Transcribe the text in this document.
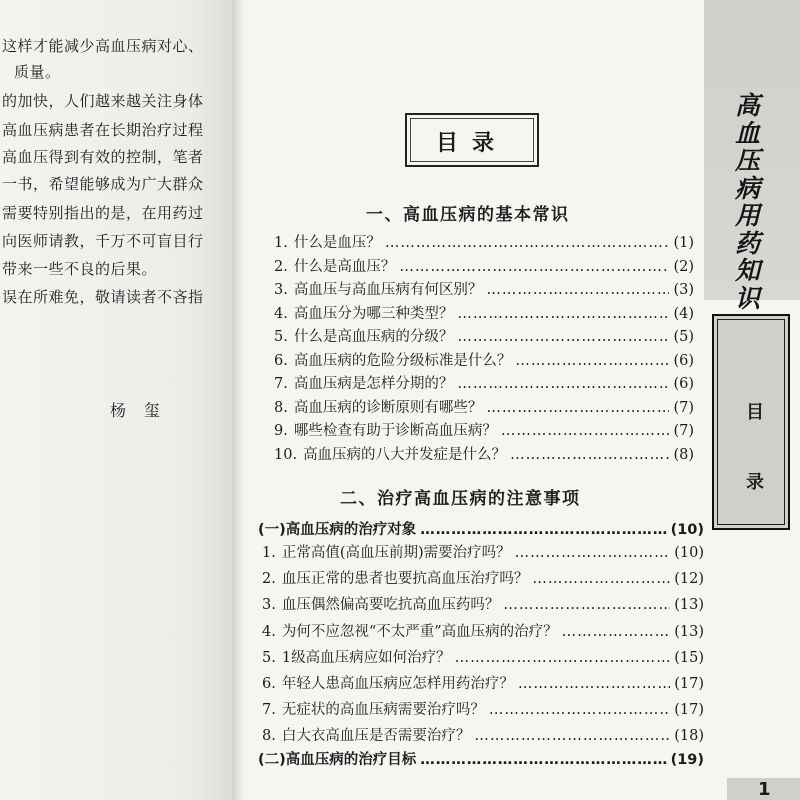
这样才能减少高血压病对心、
质量。
的加快，人们越来越关注身体
高血压病患者在长期治疗过程
高血压得到有效的控制，笔者
一书，希望能够成为广大群众
需要特别指出的是，在用药过
向医师请教，千万不可盲目行
带来一些不良的后果。
误在所难免，敬请读者不吝指
杨玺
目录
一、高血压病的基本常识
1. 什么是血压？ ……………………………………………………………………………………………………………………	(1)
2. 什么是高血压？ ……………………………………………………………………………………………………………………	(2)
3. 高血压与高血压病有何区别？ ……………………………………………………………………………………………………………………	(3)
4. 高血压分为哪三种类型？ ……………………………………………………………………………………………………………………	(4)
5. 什么是高血压病的分级？ ……………………………………………………………………………………………………………………	(5)
6. 高血压病的危险分级标准是什么？ ……………………………………………………………………………………………………………………	(6)
7. 高血压病是怎样分期的？ ……………………………………………………………………………………………………………………	(6)
8. 高血压病的诊断原则有哪些？ ……………………………………………………………………………………………………………………	(7)
9. 哪些检查有助于诊断高血压病？ ……………………………………………………………………………………………………………………	(7)
10. 高血压病的八大并发症是什么？ ……………………………………………………………………………………………………………………	(8)
二、治疗高血压病的注意事项
(一)高血压病的治疗对象 ……………………………………………………………………………………………………………………	(10)
1. 正常高值(高血压前期)需要治疗吗？ ……………………………………………………………………………………………………………………	(10)
2. 血压正常的患者也要抗高血压治疗吗？ ……………………………………………………………………………………………………………………	(12)
3. 血压偶然偏高要吃抗高血压药吗？ ……………………………………………………………………………………………………………………	(13)
4. 为何不应忽视“不太严重”高血压病的治疗？ ……………………………………………………………………………………………………………………	(13)
5. 1级高血压病应如何治疗？ ……………………………………………………………………………………………………………………	(15)
6. 年轻人患高血压病应怎样用药治疗？ ……………………………………………………………………………………………………………………	(17)
7. 无症状的高血压病需要治疗吗？ ……………………………………………………………………………………………………………………	(17)
8. 白大衣高血压是否需要治疗？ ……………………………………………………………………………………………………………………	(18)
(二)高血压病的治疗目标 ……………………………………………………………………………………………………………………	(19)
高
血
压
病
用
药
知
识
目
录
1
